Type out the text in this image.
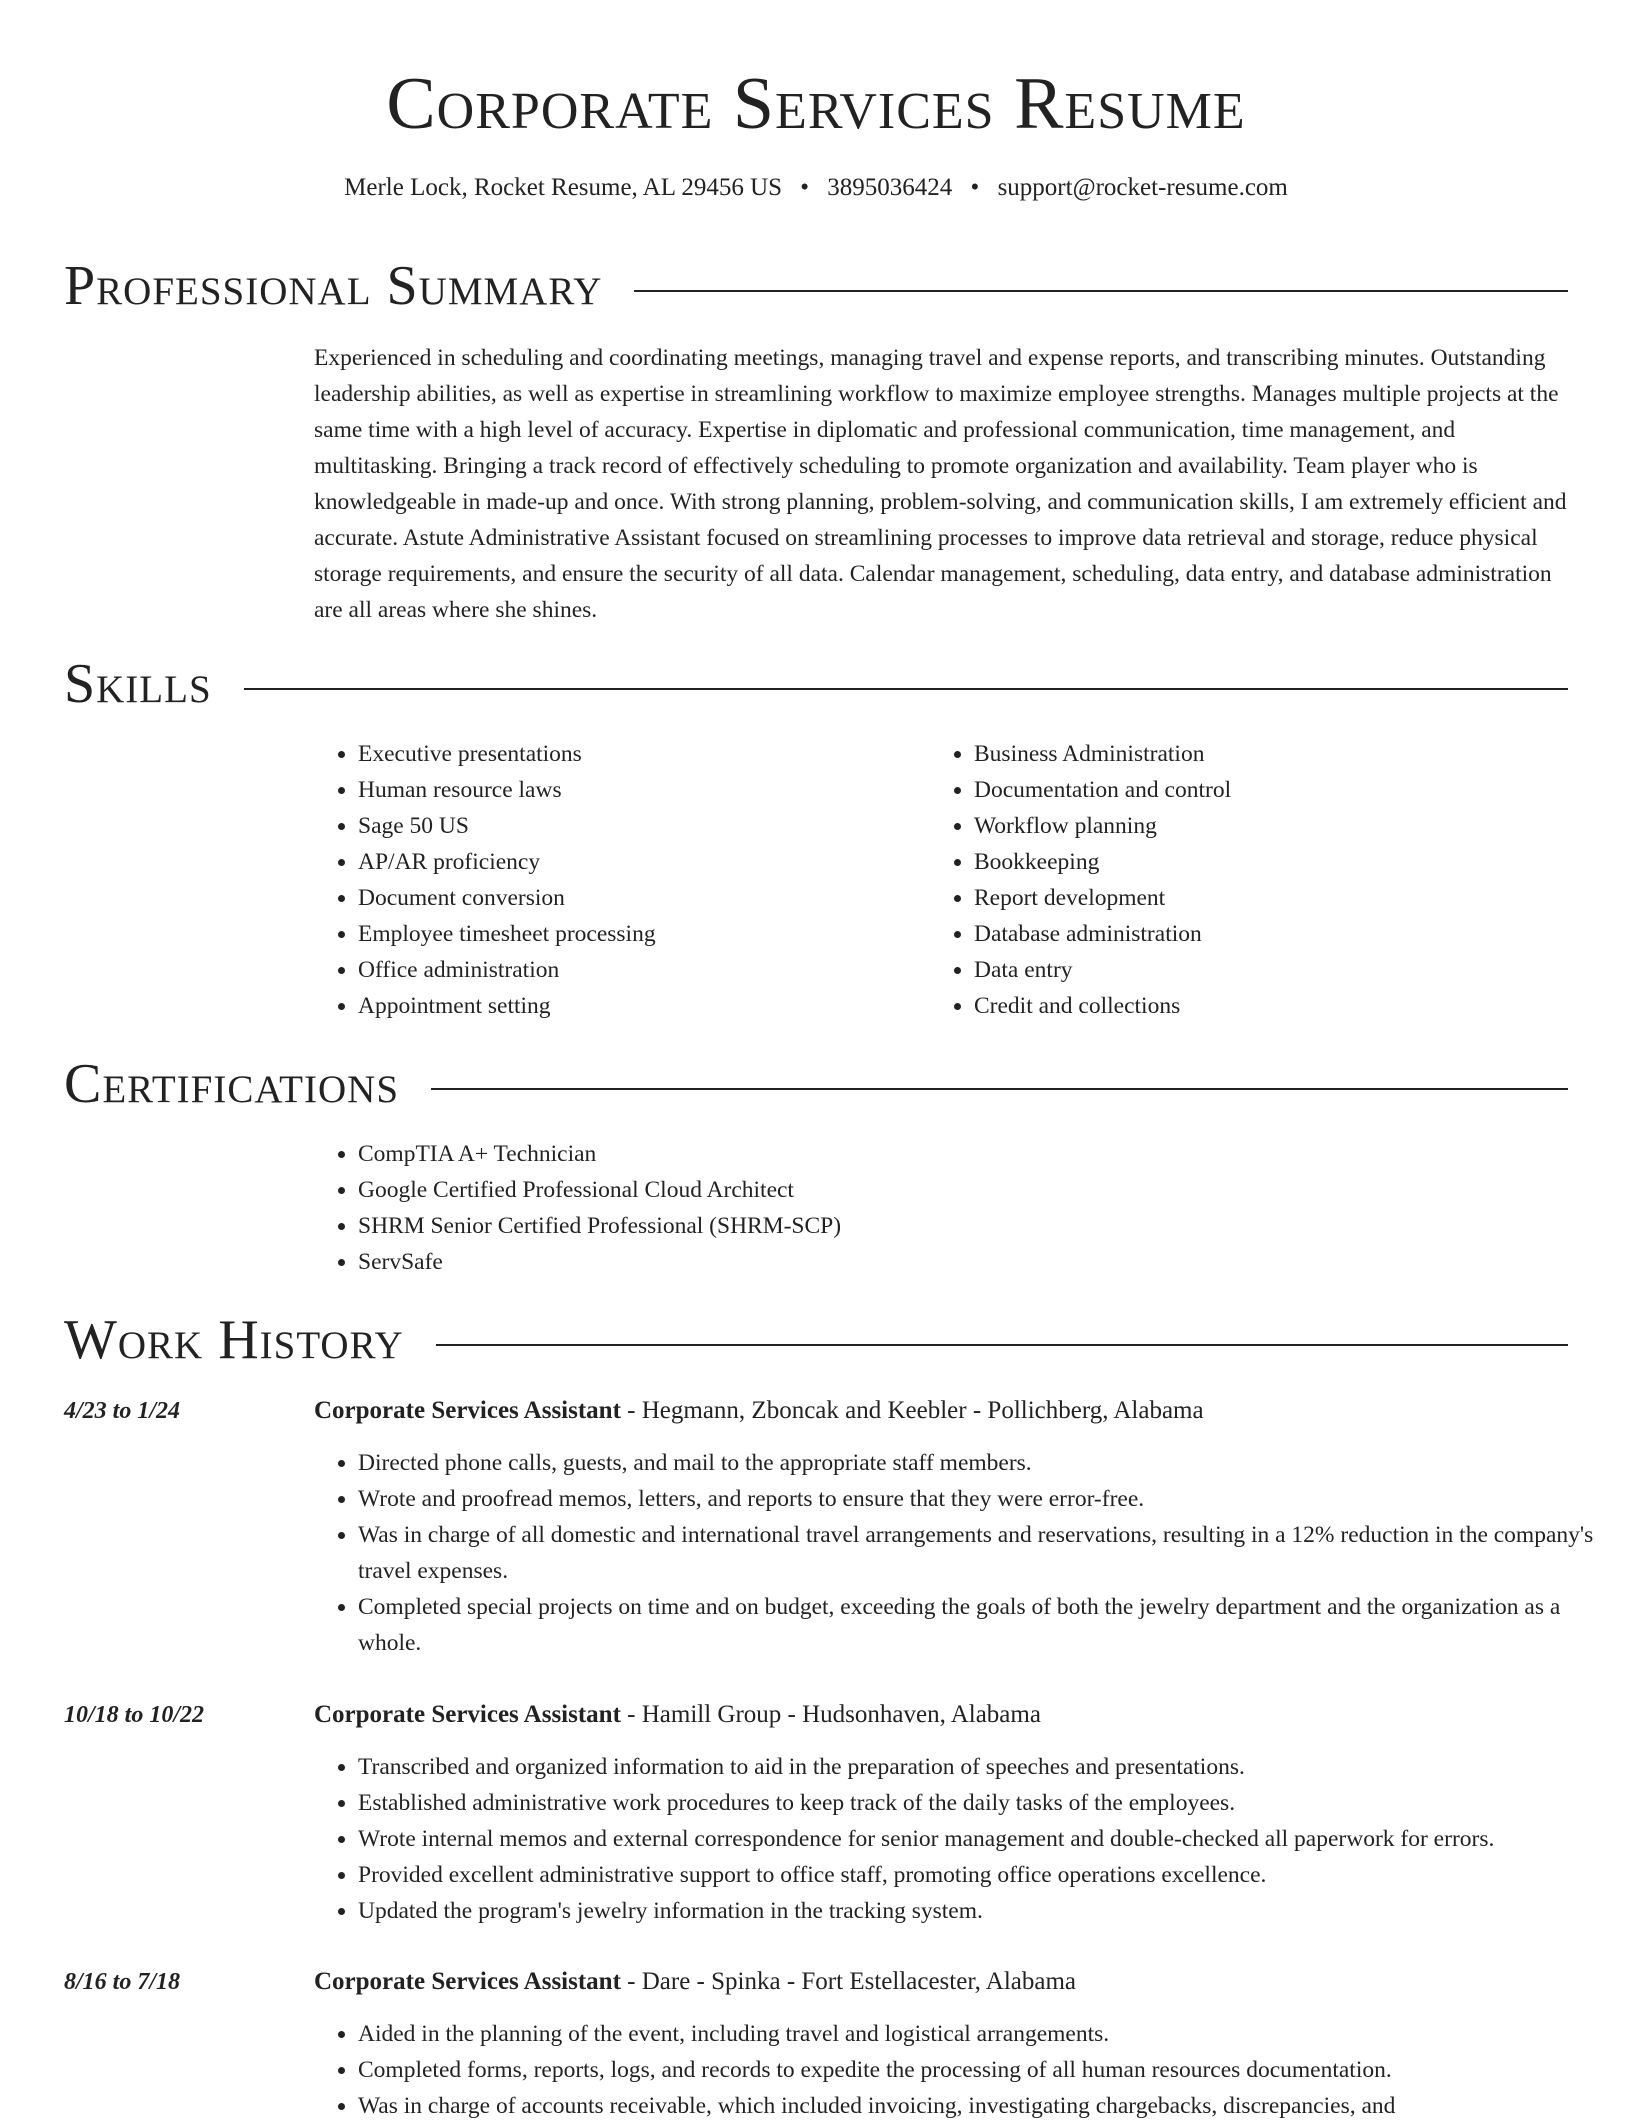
Corporate Services Resume
Merle Lock, Rocket Resume, AL 29456 US • 3895036424 • support@rocket-resume.com
Professional Summary

Experienced in scheduling and coordinating meetings, managing travel and expense reports, and transcribing minutes. Outstanding leadership abilities, as well as expertise in streamlining workflow to maximize employee strengths. Manages multiple projects at the same time with a high level of accuracy. Expertise in diplomatic and professional communication, time management, and multitasking. Bringing a track record of effectively scheduling to promote organization and availability. Team player who is knowledgeable in made-up and once. With strong planning, problem-solving, and communication skills, I am extremely efficient and accurate. Astute Administrative Assistant focused on streamlining processes to improve data retrieval and storage, reduce physical storage requirements, and ensure the security of all data. Calendar management, scheduling, data entry, and database administration are all areas where she shines.

Skills
• Executive presentations
• Human resource laws
• Sage 50 US
• AP/AR proficiency
• Document conversion
• Employee timesheet processing
• Office administration
• Appointment setting
• Business Administration
• Documentation and control
• Workflow planning
• Bookkeeping
• Report development
• Database administration
• Data entry
• Credit and collections
Certifications
• CompTIA A+ Technician
• Google Certified Professional Cloud Architect
• SHRM Senior Certified Professional (SHRM-SCP)
• ServSafe
Work History
4/23 to 1/24	Corporate Services Assistant - Hegmann, Zboncak and Keebler - Pollichberg, Alabama
• Directed phone calls, guests, and mail to the appropriate staff members.
• Wrote and proofread memos, letters, and reports to ensure that they were error-free.
• Was in charge of all domestic and international travel arrangements and reservations, resulting in a 12% reduction in the company's travel expenses.
• Completed special projects on time and on budget, exceeding the goals of both the jewelry department and the organization as a whole.
10/18 to 10/22	Corporate Services Assistant - Hamill Group - Hudsonhaven, Alabama
• Transcribed and organized information to aid in the preparation of speeches and presentations.
• Established administrative work procedures to keep track of the daily tasks of the employees.
• Wrote internal memos and external correspondence for senior management and double-checked all paperwork for errors.
• Provided excellent administrative support to office staff, promoting office operations excellence.
• Updated the program's jewelry information in the tracking system.
8/16 to 7/18	Corporate Services Assistant - Dare - Spinka - Fort Estellacester, Alabama
• Aided in the planning of the event, including travel and logistical arrangements.
• Completed forms, reports, logs, and records to expedite the processing of all human resources documentation.
• Was in charge of accounts receivable, which included invoicing, investigating chargebacks, discrepancies, and
